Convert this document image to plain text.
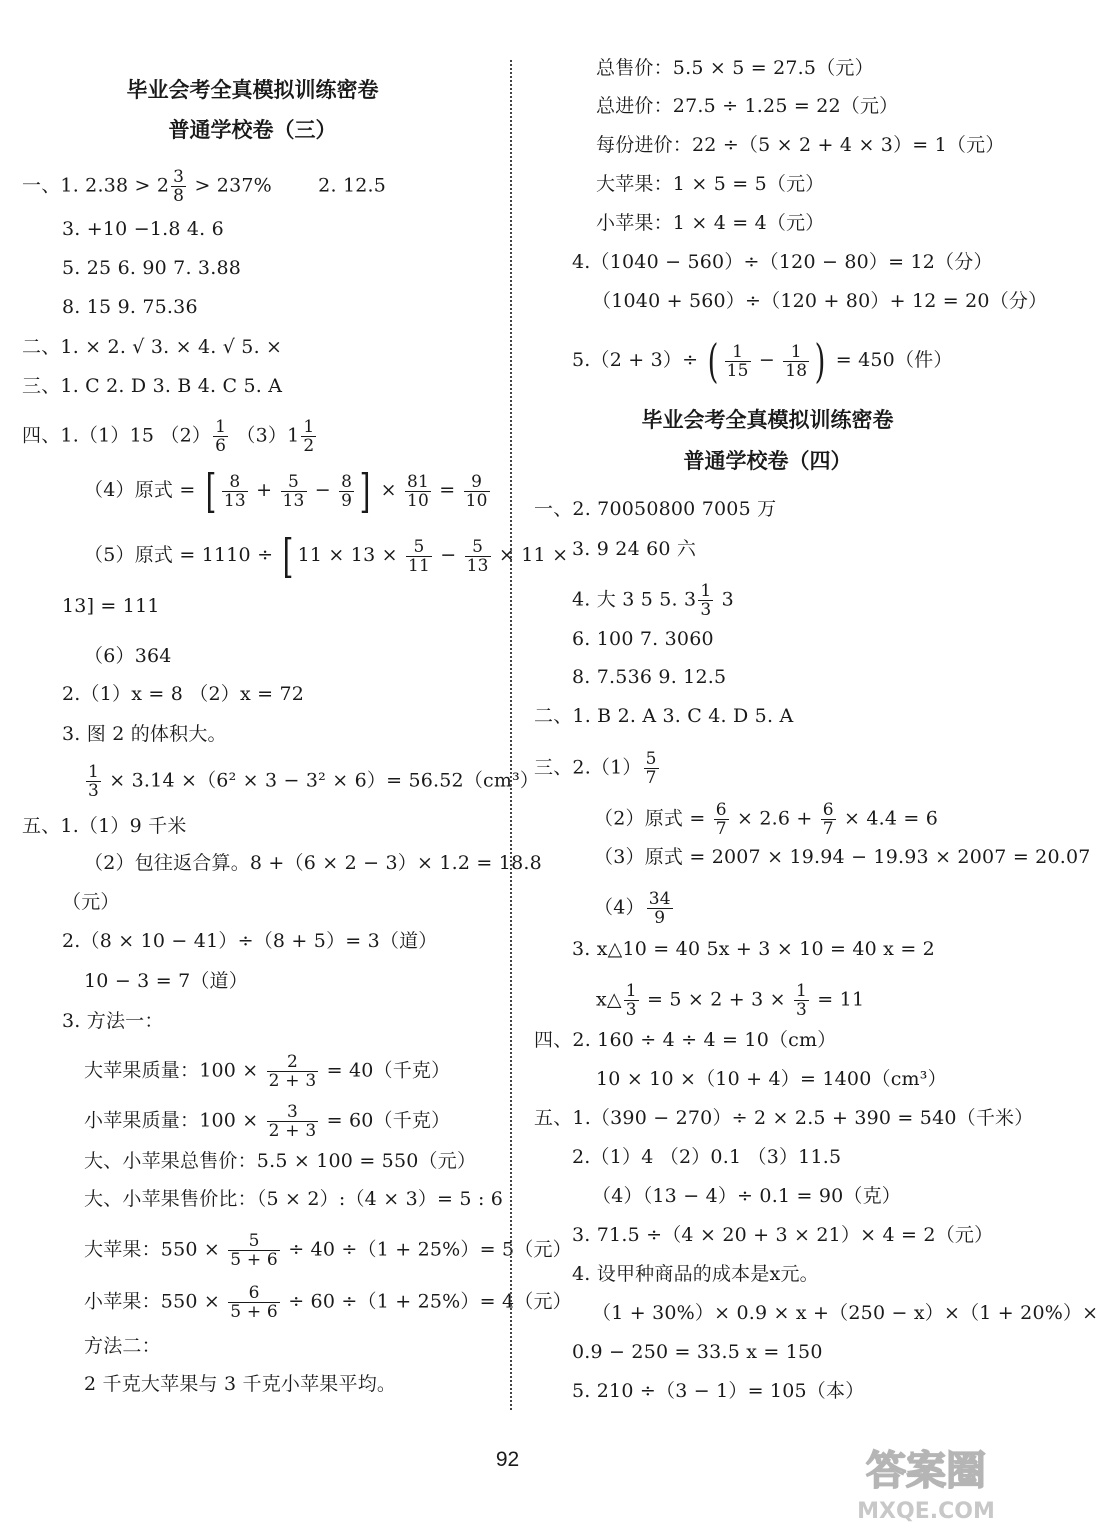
毕业会考全真模拟训练密卷
普通学校卷（三）
一、1. $2.38 > 2 \frac{3}{8} > 237\%$ 2. 12.5
3. +10 −1.8 4. 6
5. 25 6. 90 7. 3.88
8. 15 9. 75.36
二、1. × 2. √ 3. × 4. √ 5. ×
三、1. C 2. D 3. B 4. C 5. A
四、1.（1）15 $(2) \frac{1}{6} (3)1 \frac{1}{2}$
（4）原式 = [ $\frac{8}{13} + \frac{5}{13} - \frac{8}{9}$ ] × $\frac{81}{10} = \frac{9}{10}$
（5）原式 = 1110 ÷ [ $11 \times 13 \times \frac{5}{11} - \frac{5}{13} \times 11$ ×
13] = 111
（6）364
2.（1）x = 8 （2）x = 72
3. 图 2 的体积大。
$\frac{1}{3} \times 3.14 \times(6^2 \times 3 - 3^2 \times 6)= 56.52(cm^3)$
五、1.（1）9 千米
（2）包往返合算。8 +（6 × 2 − 3）× 1.2 = 18.8
（元）
2.（8 × 10 − 41）÷（8 + 5）= 3（道）
10 − 3 = 7（道）
3. 方法一：
大苹果质量：$100 \times \frac{2}{2 + 3} = 40$（千克）
小苹果质量：$100 \times \frac{3}{2 + 3} = 60$（千克）
大、小苹果总售价：5.5 × 100 = 550（元）
大、小苹果售价比：（5 × 2）:（4 × 3）= 5 : 6
大苹果：$550 \times \frac{5}{5 + 6} \div 40 \div(1 + 25\%)= 5$（元）
小苹果：$550 \times \frac{6}{5 + 6} \div 60 \div(1 + 25\%)= 4$（元）
方法二：
2 千克大苹果与 3 千克小苹果平均。
总售价：5.5 × 5 = 27.5（元）
总进价：27.5 ÷ 1.25 = 22（元）
每份进价：22 ÷（5 × 2 + 4 × 3）= 1（元）
大苹果：1 × 5 = 5（元）
小苹果：1 × 4 = 4（元）
4.（1040 − 560）÷（120 − 80）= 12（分）
（1040 + 560）÷（120 + 80）+ 12 = 20（分）
5.（2 + 3）÷ ( $\frac{1}{15} - \frac{1}{18}$ ) = 450（件）
毕业会考全真模拟训练密卷
普通学校卷（四）
一、2. 70050800 7005 万
3. 9 24 60 六
4. 大 3 5 5. $3 \frac{1}{3} 3$
6. 100 7. 3060
8. 7.536 9. 12.5
二、1. B 2. A 3. C 4. D 5. A
三、$2.(1) \frac{5}{7}$
（2）原式 = $\frac{6}{7} \times 2.6 + \frac{6}{7} \times 4.4 = 6$
（3）原式 = 2007 × 19.94 − 19.93 × 2007 = 20.07
$(4) \frac{34}{9}$
3. x△10 = 40 5x + 3 × 10 = 40 x = 2
x△ $\frac{1}{3} = 5 \times 2 + 3 \times \frac{1}{3} = 11$
四、2. 160 ÷ 4 ÷ 4 = 10（cm）
10 × 10 ×（10 + 4）= 1400（cm³）
五、1.（390 − 270）÷ 2 × 2.5 + 390 = 540（千米）
2.（1）4 （2）0.1 （3）11.5
（4）（13 − 4）÷ 0.1 = 90（克）
3. 71.5 ÷（4 × 20 + 3 × 21）× 4 = 2（元）
4. 设甲种商品的成本是x元。
（1 + 30%）× 0.9 × x +（250 − x）×（1 + 20%）×
0.9 − 250 = 33.5 x = 150
5. 210 ÷（3 − 1）= 105（本）
92	答案圈
MXQE.COM
